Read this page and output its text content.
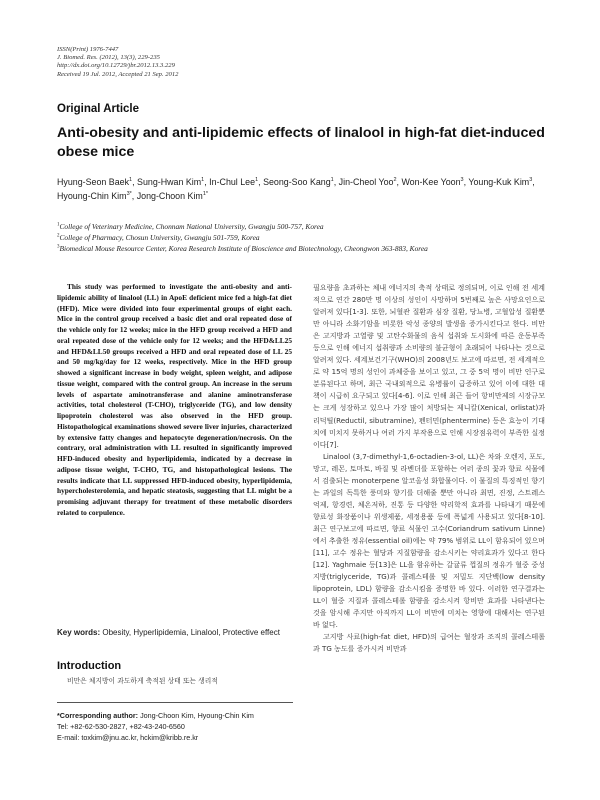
ISSN(Print) 1976-7447
J. Biomed. Res. (2012), 13(3), 229-235
http://dx.doi.org/10.12729/jbr.2012.13.3.229
Received 19 Jul. 2012, Accepted 21 Sep. 2012
Original Article
Anti-obesity and anti-lipidemic effects of linalool in high-fat diet-induced obese mice
Hyung-Seon Baek$^1$, Sung-Hwan Kim$^1$, In-Chul Lee$^1$, Seong-Soo Kang$^1$, Jin-Cheol Yoo$^2$, Won-Kee Yoon$^3$, Young-Kuk Kim$^3$, Hyoung-Chin Kim$^{3*}$, Jong-Choon Kim$^{1*}$
$^1$College of Veterinary Medicine, Chonnam National University, Gwangju 500-757, Korea
$^2$College of Pharmacy, Chosun University, Gwangju 501-759, Korea
$^3$Biomedical Mouse Resource Center, Korea Research Institute of Bioscience and Biotechnology, Cheongwon 363-883, Korea
This study was performed to investigate the anti-obesity and anti-lipidemic ability of linalool (LL) in ApoE deficient mice fed a high-fat diet (HFD). Mice were divided into four experimental groups of eight each. Mice in the control group received a basic diet and oral repeated dose of the vehicle only for 12 weeks; mice in the HFD group received a HFD and oral repeated dose of the vehicle only for 12 weeks; and the HFD&LL25 and HFD&LL50 groups received a HFD and oral repeated dose of LL 25 and 50 mg/kg/day for 12 weeks, respectively. Mice in the HFD group showed a significant increase in body weight, spleen weight, and adipose tissue weight, compared with the control group. An increase in the serum levels of aspartate aminotransferase and alanine aminotransferase activities, total cholesterol (T-CHO), triglyceride (TG), and low density lipoprotein cholesterol was also observed in the HFD group. Histopathological examinations showed severe liver injuries, characterized by extensive fatty changes and hepatocyte degeneration/necrosis. On the contrary, oral administration with LL resulted in significantly improved HFD-induced obesity and hyperlipidemia, indicated by a decrease in adipose tissue weight, T-CHO, TG, and histopathological lesions. The results indicate that LL suppressed HFD-induced obesity, hyperlipidemia, hypercholesterolemia, and hepatic steatosis, suggesting that LL might be a promising adjuvant therapy for treatment of these metabolic disorders related to corpulence.
Key words: Obesity, Hyperlipidemia, Linalool, Protective effect
Introduction
비만은 체지방이 과도하게 축적된 상태 또는 생리적
*Corresponding author: Jong-Choon Kim, Hyoung-Chin Kim
Tel: +82-62-530-2827, +82-43-240-6560
E-mail: toxkim@jnu.ac.kr, hckim@kribb.re.kr

필요량을 초과하는 체내 에너지의 축적 상태로 정의되며, 이로 인해 전 세계적으로 연간 280만 명 이상의 성인이 사망하며 5번째로 높은 사망요인으로 알려져 있다[1-3]. 또한, 뇌혈관 질환과 심장 질환, 당뇨병, 고혈압성 질환뿐만 아니라 소화기암을 비롯한 악성 종양의 발생을 증가시킨다고 한다. 비만은 고지방과 고열량 및 고탄수화물의 음식 섭취와 도시화에 따른 운동부족 등으로 인해 에너지 섭취량과 소비량의 불균형이 초래되어 나타나는 것으로 알려져 있다. 세계보건기구(WHO)의 2008년도 보고에 따르면, 전 세계적으로 약 15억 명의 성인이 과체중을 보이고 있고, 그 중 5억 명이 비만 인구로 분류된다고 하며, 최근 국내외적으로 유병률이 급증하고 있어 이에 대한 대책이 시급히 요구되고 있다[4-6]. 이로 인해 최근 들어 항비만제의 시장규모는 크게 성장하고 있으나 가장 많이 처방되는 제니칼(Xenical, orlistat)과 리덕틸(Reductil, sibutramine), 펜터민(phentermine) 등은 효능이 기대치에 미치지 못하거나 여러 가지 부작용으로 인해 시장점유력이 부족한 실정이다[7].

Linalool (3,7-dimethyl-1,6-octadien-3-ol, LL)은 차와 오렌지, 포도, 망고, 레몬, 토마토, 바질 및 라벤더를 포함하는 여러 종의 꽃과 향료 식물에서 검출되는 monoterpene 알코올성 화합물이다. 이 물질의 특징적인 향기는 과일의 독특한 풍미와 향기를 더해줄 뿐만 아니라 최면, 진정, 스트레스 억제, 항경련, 체온저하, 진통 등 다양한 약리학적 효과를 나타내기 때문에 향료성 화장품이나 위생제품, 세정용품 등에 폭넓게 사용되고 있다[8-10]. 최근 연구보고에 따르면, 향료 식물인 고수(Coriandrum sativum Linne)에서 추출한 정유(essential oil)에는 약 79% 범위로 LL이 함유되어 있으며[11], 고수 정유는 혈당과 지질함량을 감소시키는 약리효과가 있다고 한다[12]. Yaghmaie 등[13]은 LL을 함유하는 갈귤류 껍질의 정유가 혈중 중성지방(triglyceride, TG)과 콜레스테롤 및 저밀도 지단백(low density lipoprotein, LDL) 함량을 감소시킴을 증명한 바 있다. 이러한 연구결과는 LL이 혈중 지질과 콜레스테롤 함량을 감소시켜 항비만 효과를 나타낸다는 것을 암시해 주지만 아직까지 LL이 비만에 미치는 영향에 대해서는 연구된 바 없다.

고지방 사료(high-fat diet, HFD)의 급여는 혈장과 조직의 콜레스테롤과 TG 농도를 증가시켜 비만과
